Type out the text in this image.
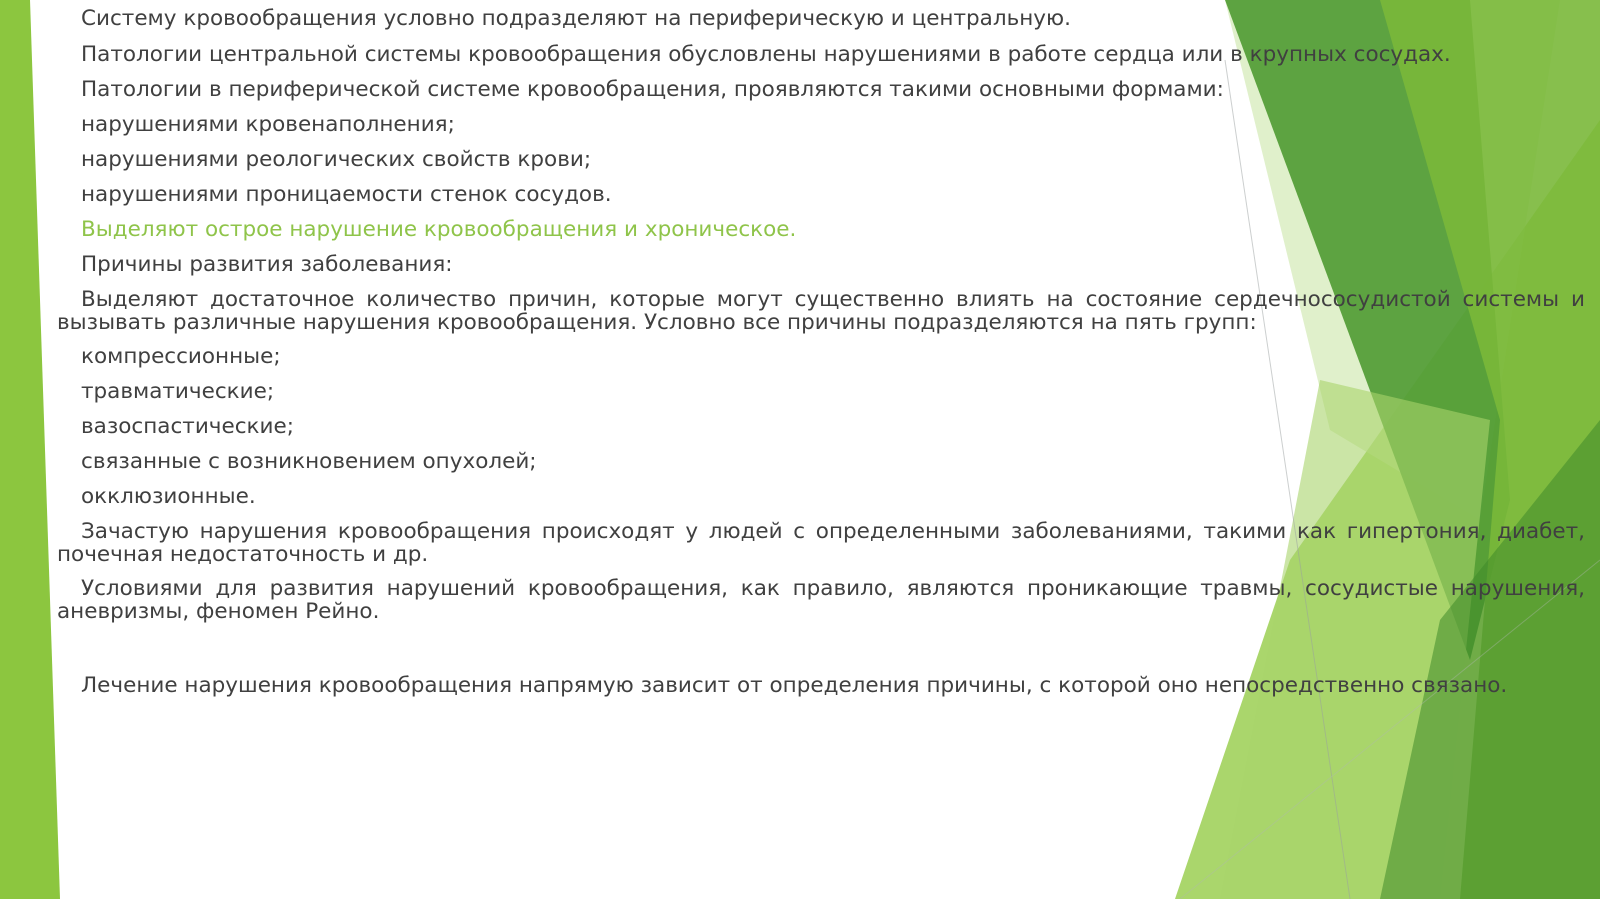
Систему кровообращения условно подразделяют на периферическую и центральную.

Патологии центральной системы кровообращения обусловлены нарушениями в работе сердца или в крупных сосудах.

Патологии в периферической системе кровообращения, проявляются такими основными формами:

нарушениями кровенаполнения;

нарушениями реологических свойств крови;

нарушениями проницаемости стенок сосудов.

Выделяют острое нарушение кровообращения и хроническое.

Причины развития заболевания:

Выделяют достаточное количество причин, которые могут существенно влиять на состояние сердечнососудистой системы и вызывать различные нарушения кровообращения. Условно все причины подразделяются на пять групп:

компрессионные;

травматические;

вазоспастические;

связанные с возникновением опухолей;

окклюзионные.

Зачастую нарушения кровообращения происходят у людей с определенными заболеваниями, такими как гипертония, диабет, почечная недостаточность и др.

Условиями для развития нарушений кровообращения, как правило, являются проникающие травмы, сосудистые нарушения, аневризмы, феномен Рейно.

Лечение нарушения кровообращения напрямую зависит от определения причины, с которой оно непосредственно связано.
